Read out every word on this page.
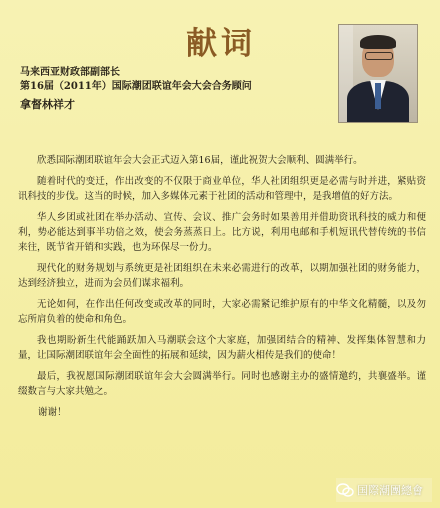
献词
马来西亚财政部副部长
第16届（2011年）国际潮团联谊年会大会合务顾问
拿督林祥才

欣悉国际潮团联谊年会大会正式迈入第16届，谨此祝贺大会顺利、圆满举行。

随着时代的变迁，作出改变的不仅限于商业单位，华人社团组织更是必需与时并进，紧贴资讯科技的步伐。这当的时候，加入多媒体元素于社团的活动和管理中，是我增值的好方法。

华人乡团或社团在举办活动、宣传、会议、推广会务时如果善用并借助资讯科技的威力和便利，势必能达到事半功倍之效，使会务蒸蒸日上。比方说，利用电邮和手机短讯代替传统的书信来往，既节省开销和实践，也为环保尽一份力。

现代化的财务规划与系统更是社团组织在未来必需进行的改革，以期加强社团的财务能力，达到经济独立，进而为会员们谋求福利。

无论如何，在作出任何改变或改革的同时，大家必需紧记维护原有的中华文化精髓，以及勿忘所肩负着的使命和角色。

我也期盼新生代能踊跃加入马潮联会这个大家庭，加强团结合的精神、发挥集体智慧和力量，让国际潮团联谊年会全面性的拓展和延续，因为薪火相传是我们的使命！

最后，我祝愿国际潮团联谊年会大会圆满举行。同时也感谢主办的盛情邀约，共襄盛举。谨缀数言与大家共勉之。

谢谢！

国際潮團總會
